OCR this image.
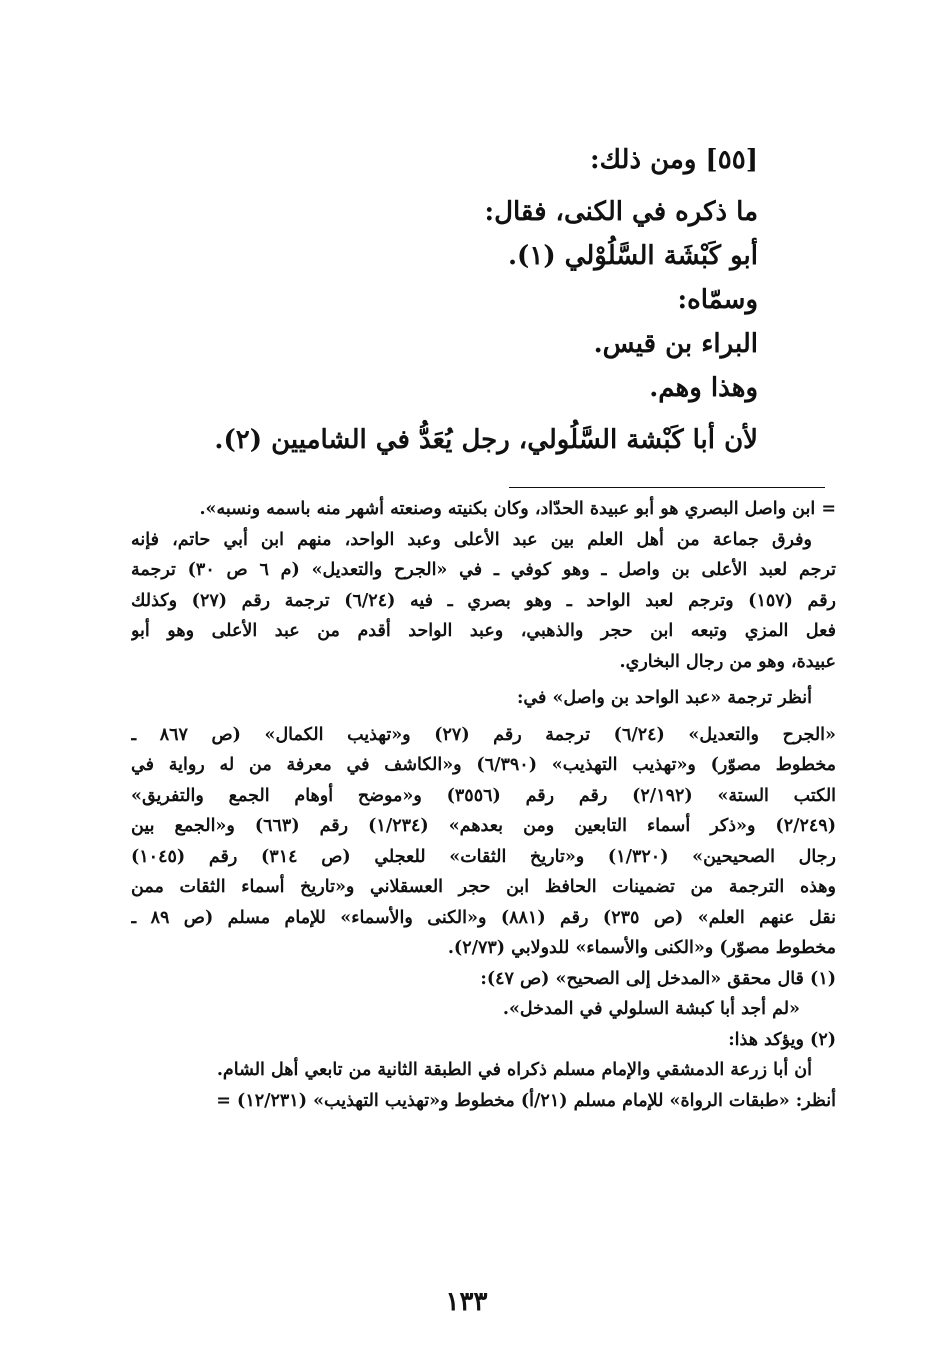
[٥٥] ومن ذلك:

ما ذكره في الكنى، فقال:

أبو كَبْشَة السَّلُوْلي (١).

وسمّاه:

البراء بن قيس.

وهذا وهم.

لأن أبا كَبْشة السَّلُولي، رجل يُعَدُّ في الشاميين (٢).

= ابن واصل البصري هو أبو عبيدة الحدّاد، وكان بكنيته وصنعته أشهر منه باسمه ونسبه».

وفرق جماعة من أهل العلم بين عبد الأعلى وعبد الواحد، منهم ابن أبي حاتم، فإنه

ترجم لعبد الأعلى بن واصل ـ وهو كوفي ـ في «الجرح والتعديل» (م ٦ ص ٣٠) ترجمة

رقم (١٥٧) وترجم لعبد الواحد ـ وهو بصري ـ فيه (٦/٢٤) ترجمة رقم (٢٧) وكذلك

فعل المزي وتبعه ابن حجر والذهبي، وعبد الواحد أقدم من عبد الأعلى وهو أبو

عبيدة، وهو من رجال البخاري.

أنظر ترجمة «عبد الواحد بن واصل» في:

«الجرح والتعديل» (٦/٢٤) ترجمة رقم (٢٧) و«تهذيب الكمال» (ص ٨٦٧ ـ

مخطوط مصوّر) و«تهذيب التهذيب» (٦/٣٩٠) و«الكاشف في معرفة من له رواية في

الكتب الستة» (٢/١٩٢) رقم رقم (٣٥٥٦) و«موضح أوهام الجمع والتفريق»

(٢/٢٤٩) و«ذكر أسماء التابعين ومن بعدهم» (١/٢٣٤) رقم (٦٦٣) و«الجمع بين

رجال الصحيحين» (١/٣٢٠) و«تاريخ الثقات» للعجلي (ص ٣١٤) رقم (١٠٤٥)

وهذه الترجمة من تضمينات الحافظ ابن حجر العسقلاني و«تاريخ أسماء الثقات ممن

نقل عنهم العلم» (ص ٢٣٥) رقم (٨٨١) و«الكنى والأسماء» للإمام مسلم (ص ٨٩ ـ

مخطوط مصوّر) و«الكنى والأسماء» للدولابي (٢/٧٣).

(١) قال محقق «المدخل إلى الصحيح» (ص ٤٧):

«لم أجد أبا كبشة السلولي في المدخل».

(٢) ويؤكد هذا:

أن أبا زرعة الدمشقي والإمام مسلم ذكراه في الطبقة الثانية من تابعي أهل الشام.

أنظر: «طبقات الرواة» للإمام مسلم (٢١/أ) مخطوط و«تهذيب التهذيب» (١٢/٢٣١) =

١٣٣
